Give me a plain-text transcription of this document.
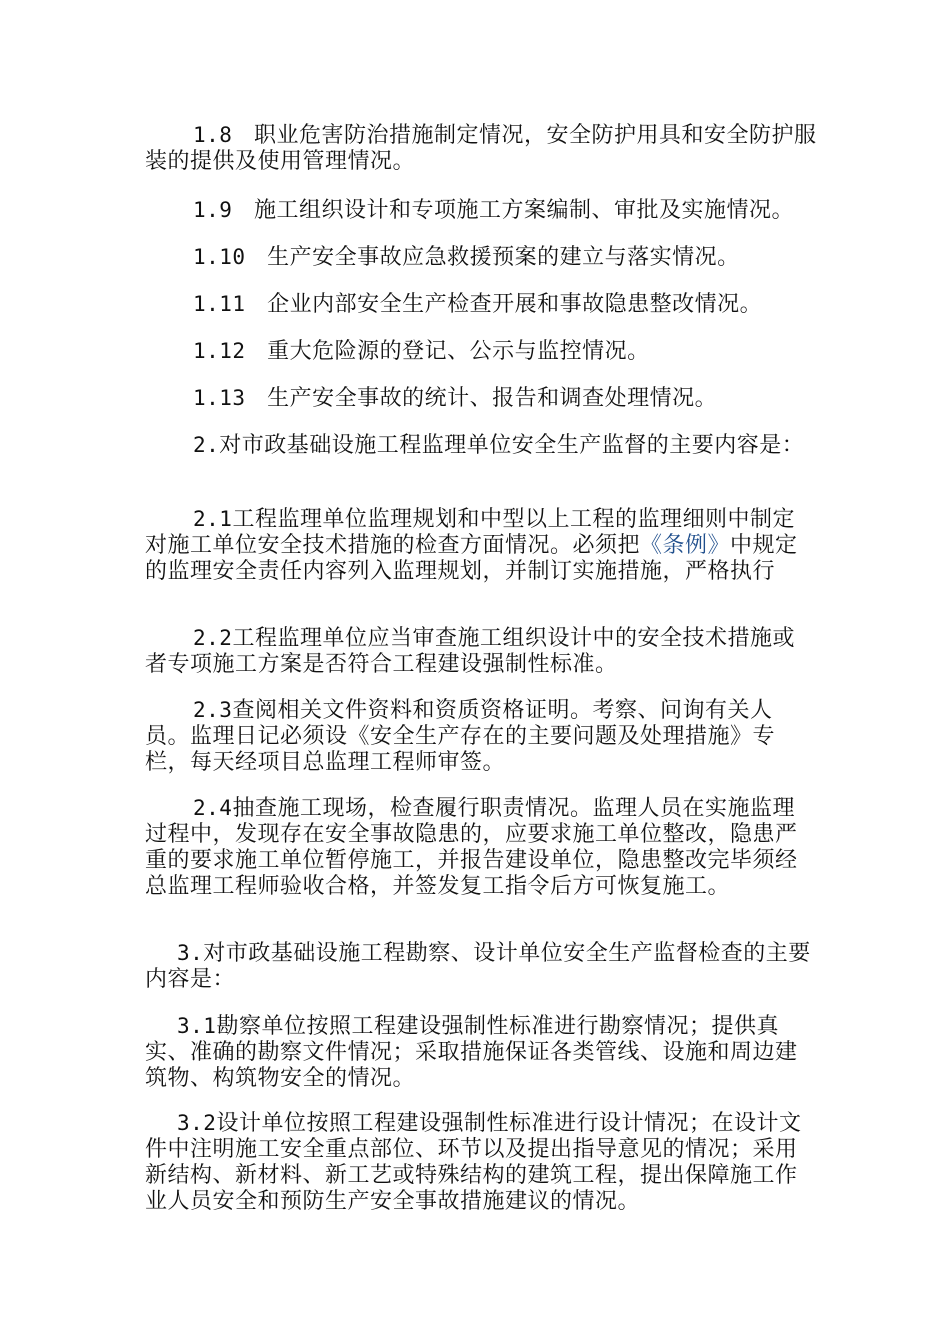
1.8　职业危害防治措施制定情况，安全防护用具和安全防护服装的提供及使用管理情况。

1.9　施工组织设计和专项施工方案编制、审批及实施情况。

1.10　生产安全事故应急救援预案的建立与落实情况。

1.11　企业内部安全生产检查开展和事故隐患整改情况。

1.12　重大危险源的登记、公示与监控情况。

1.13　生产安全事故的统计、报告和调查处理情况。

2.对市政基础设施工程监理单位安全生产监督的主要内容是：

2.1工程监理单位监理规划和中型以上工程的监理细则中制定对施工单位安全技术措施的检查方面情况。必须把《条例》中规定的监理安全责任内容列入监理规划，并制订实施措施，严格执行

2.2工程监理单位应当审查施工组织设计中的安全技术措施或者专项施工方案是否符合工程建设强制性标准。

2.3查阅相关文件资料和资质资格证明。考察、问询有关人员。监理日记必须设《安全生产存在的主要问题及处理措施》专栏，每天经项目总监理工程师审签。

2.4抽查施工现场，检查履行职责情况。监理人员在实施监理过程中，发现存在安全事故隐患的，应要求施工单位整改，隐患严重的要求施工单位暂停施工，并报告建设单位，隐患整改完毕须经总监理工程师验收合格，并签发复工指令后方可恢复施工。

3.对市政基础设施工程勘察、设计单位安全生产监督检查的主要内容是：

3.1勘察单位按照工程建设强制性标准进行勘察情况；提供真实、准确的勘察文件情况；采取措施保证各类管线、设施和周边建筑物、构筑物安全的情况。

3.2设计单位按照工程建设强制性标准进行设计情况；在设计文件中注明施工安全重点部位、环节以及提出指导意见的情况；采用新结构、新材料、新工艺或特殊结构的建筑工程，提出保障施工作业人员安全和预防生产安全事故措施建议的情况。
